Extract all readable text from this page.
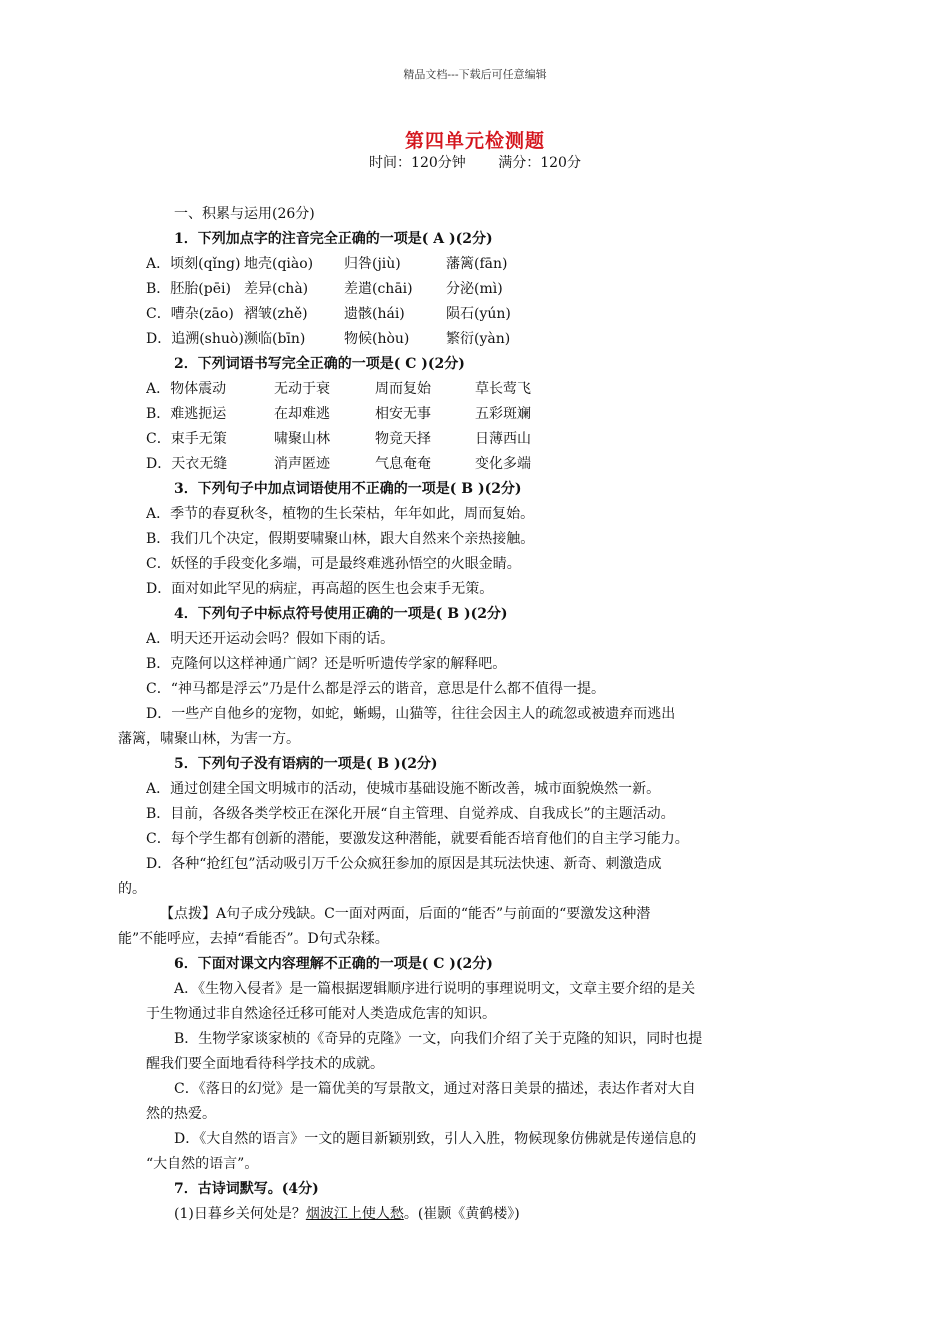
精品文档---下载后可任意编辑
第四单元检测题
时间：120分钟 满分：120分
一、积累与运用(26分)
1．下列加点字的注音完全正确的一项是( A )(2分)
A．顷刻(qǐng) 地壳(qiào) 归咎(jiù)	藩篱(fān)
B．胚胎(pēi) 差异(chà)	差遣(chāi) 分泌(mì)
C．嘈杂(zāo) 褶皱(zhě)	遗骸(hái)	陨石(yún)
D．追溯(shuò)濒临(bīn)	物候(hòu)	繁衍(yàn)
2．下列词语书写完全正确的一项是( C )(2分)
A．物体震动	无动于衰	周而复始	草长莺飞
B．难逃扼运	在却难逃	相安无事	五彩斑斓
C．束手无策	啸聚山林	物竞天择	日薄西山
D．天衣无缝	消声匿迹	气息奄奄	变化多端
3．下列句子中加点词语使用不正确的一项是( B )(2分)
A．季节的春夏秋冬，植物的生长荣枯，年年如此，周而复始。
B．我们几个决定，假期要啸聚山林，跟大自然来个亲热接触。
C．妖怪的手段变化多端，可是最终难逃孙悟空的火眼金睛。
D．面对如此罕见的病症，再高超的医生也会束手无策。
4．下列句子中标点符号使用正确的一项是( B )(2分)
A．明天还开运动会吗？假如下雨的话。
B．克隆何以这样神通广阔？还是听听遗传学家的解释吧。
C．“神马都是浮云”乃是什么都是浮云的谐音，意思是什么都不值得一提。
D．一些产自他乡的宠物，如蛇，蜥蜴，山猫等，往往会因主人的疏忽或被遗弃而逃出
藩篱，啸聚山林，为害一方。
5．下列句子没有语病的一项是( B )(2分)
A．通过创建全国文明城市的活动，使城市基础设施不断改善，城市面貌焕然一新。
B．目前，各级各类学校正在深化开展“自主管理、自觉养成、自我成长”的主题活动。
C．每个学生都有创新的潜能，要激发这种潜能，就要看能否培育他们的自主学习能力。
D．各种“抢红包”活动吸引万千公众疯狂参加的原因是其玩法快速、新奇、刺激造成
的。
【点拨】A句子成分残缺。C一面对两面，后面的“能否”与前面的“要激发这种潜
能”不能呼应，去掉“看能否”。D句式杂糅。
6．下面对课文内容理解不正确的一项是( C )(2分)
A．《生物入侵者》是一篇根据逻辑顺序进行说明的事理说明文，文章主要介绍的是关
于生物通过非自然途径迁移可能对人类造成危害的知识。
B．生物学家谈家桢的《奇异的克隆》一文，向我们介绍了关于克隆的知识，同时也提
醒我们要全面地看待科学技术的成就。
C．《落日的幻觉》是一篇优美的写景散文，通过对落日美景的描述，表达作者对大自
然的热爱。
D．《大自然的语言》一文的题目新颖别致，引人入胜，物候现象仿佛就是传递信息的
“大自然的语言”。
7．古诗词默写。(4分)
(1)日暮乡关何处是？烟波江上使人愁。(崔颢《黄鹤楼》)
